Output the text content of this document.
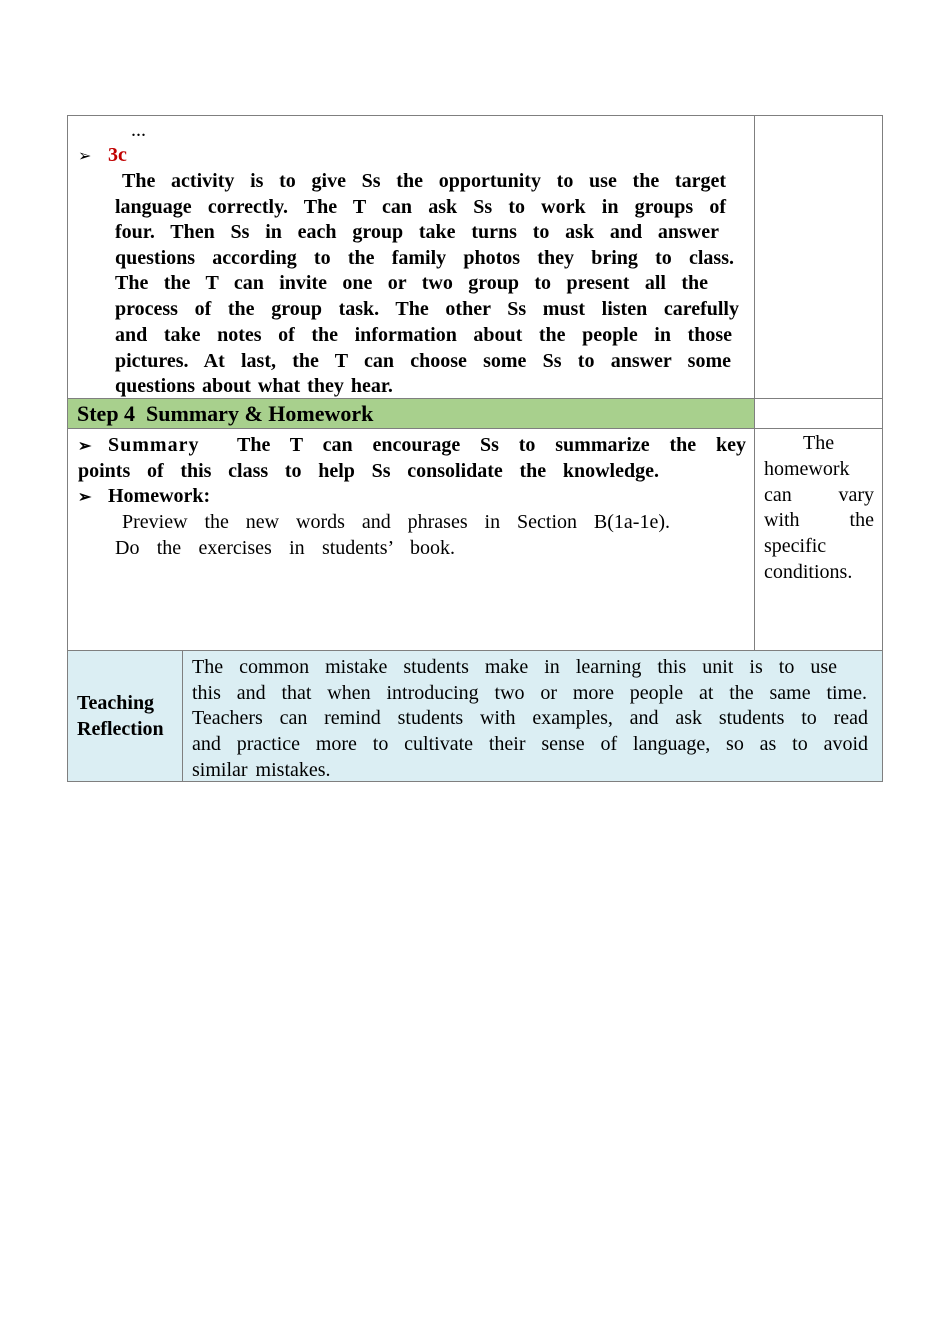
...
➢ 3c
The activity is to give Ss the opportunity to use the target
language correctly. The T can ask Ss to work in groups of
four. Then Ss in each group take turns to ask and answer
questions according to the family photos they bring to class.
The the T can invite one or two group to present all the
process of the group task. The other Ss must listen carefully
and take notes of the information about the people in those
pictures. At last, the T can choose some Ss to answer some
questions about what they hear.
Step 4  Summary & Homework
➢ Summary The T can encourage Ss to summarize the key
points of this class to help Ss consolidate the knowledge.
➢ Homework:
Preview the new words and phrases in Section B(1a-1e).
Do the exercises in students’ book.
The
homework
can vary
with the
specific
conditions.
Teaching
Reflection
The common mistake students make in learning this unit is to use
this and that when introducing two or more people at the same time.
Teachers can remind students with examples, and ask students to read
and practice more to cultivate their sense of language, so as to avoid
similar mistakes.
